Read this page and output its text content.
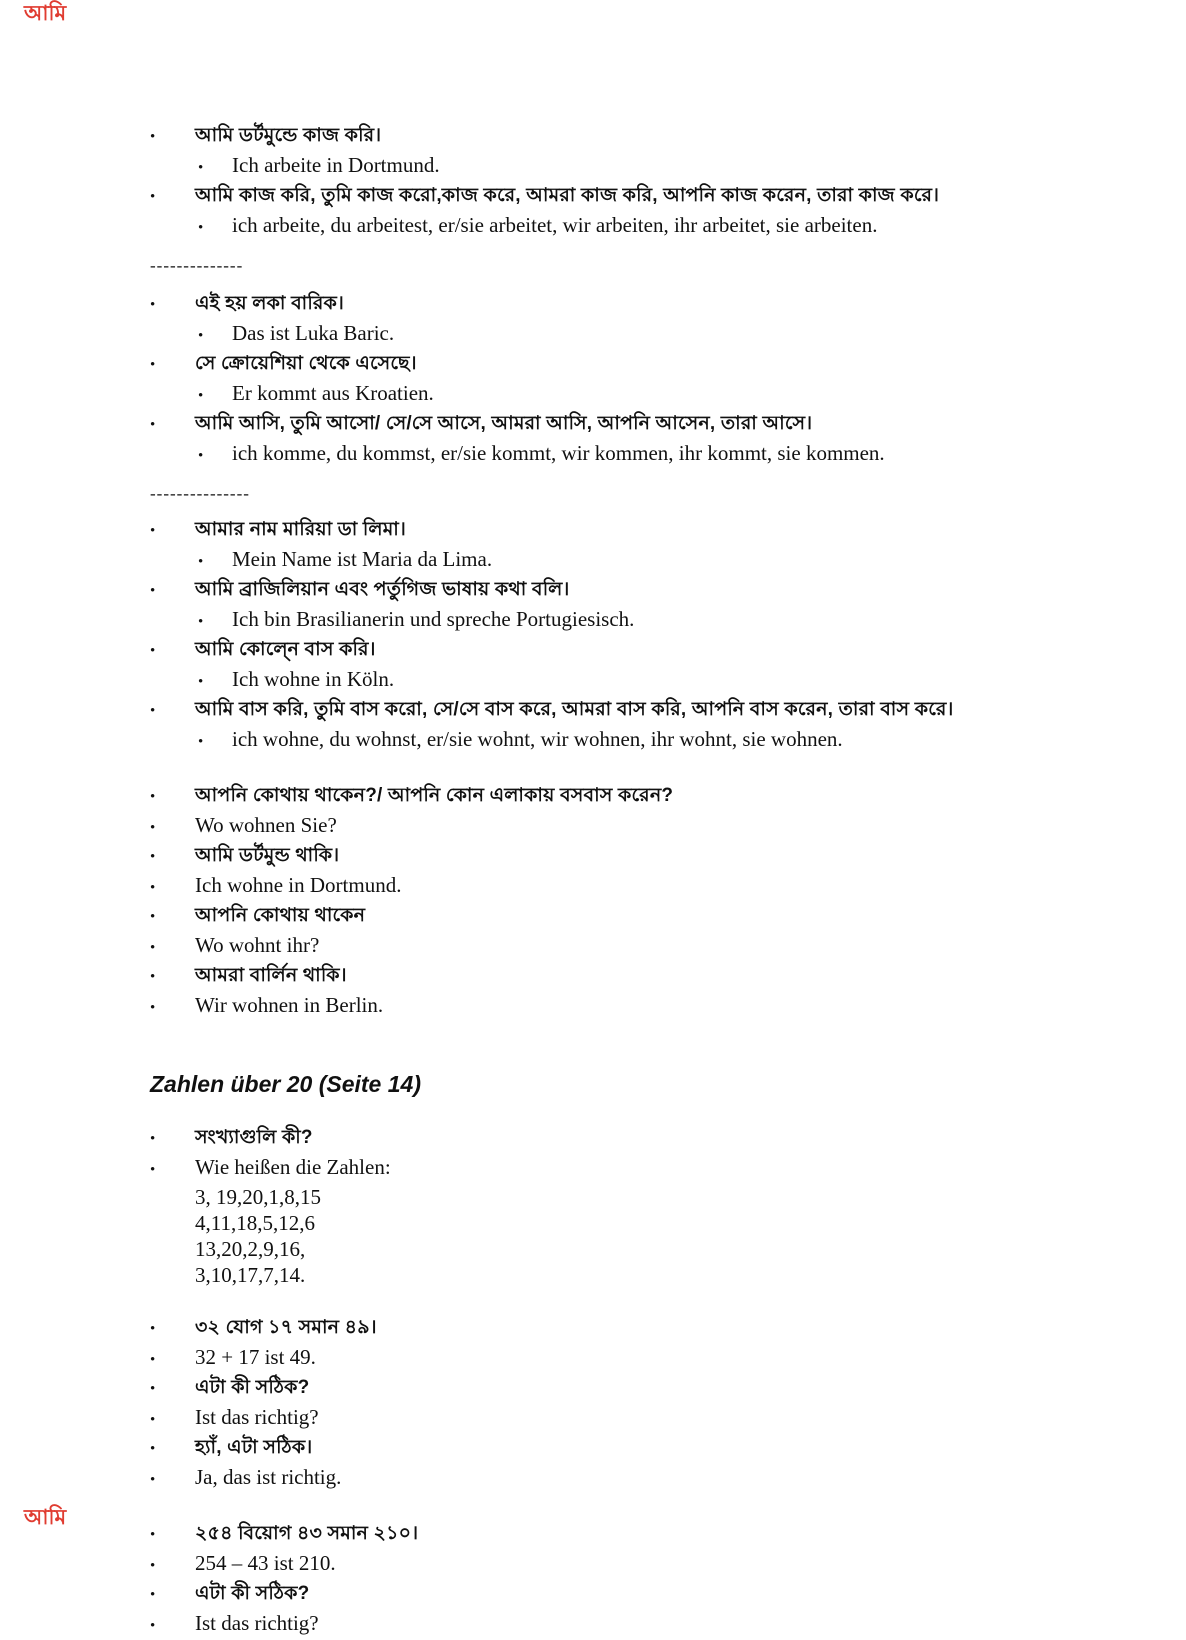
আমি
•	আমি ডর্টমুন্ডে কাজ করি।
•	Ich arbeite in Dortmund.
•	আমি কাজ করি, তুমি কাজ করো,কাজ করে, আমরা কাজ করি, আপনি কাজ করেন, তারা কাজ করে।
•	ich arbeite, du arbeitest, er/sie arbeitet, wir arbeiten, ihr arbeitet, sie arbeiten.
--------------
•	এই হয় লকা বারিক।
•	Das ist Luka Baric.
•	সে ক্রোয়েশিয়া থেকে এসেছে।
•	Er kommt aus Kroatien.
•	আমি আসি, তুমি আসো/ সে/সে আসে, আমরা আসি, আপনি আসেন, তারা আসে।
•	ich komme, du kommst, er/sie kommt, wir kommen, ihr kommt, sie kommen.
---------------
•	আমার নাম মারিয়া ডা লিমা।
•	Mein Name ist Maria da Lima.
•	আমি ব্রাজিলিয়ান এবং পর্তুগিজ ভাষায় কথা বলি।
•	Ich bin Brasilianerin und spreche Portugiesisch.
•	আমি কোল্নে বাস করি।
•	Ich wohne in Köln.
•	আমি বাস করি, তুমি বাস করো, সে/সে বাস করে, আমরা বাস করি, আপনি বাস করেন, তারা বাস করে।
•	ich wohne, du wohnst, er/sie wohnt, wir wohnen, ihr wohnt, sie wohnen.
•	আপনি কোথায় থাকেন?/ আপনি কোন এলাকায় বসবাস করেন?
•	Wo wohnen Sie?
•	আমি ডর্টমুন্ড থাকি।
•	Ich wohne in Dortmund.
•	আপনি কোথায় থাকেন
•	Wo wohnt ihr?
•	আমরা বার্লিন থাকি।
•	Wir wohnen in Berlin.
Zahlen über 20 (Seite 14)
•	সংখ্যাগুলি কী?
•	Wie heißen die Zahlen:
3, 19,20,1,8,15
4,11,18,5,12,6
13,20,2,9,16,
3,10,17,7,14.
•	৩২ যোগ ১৭ সমান ৪৯।
•	32 + 17 ist 49.
•	এটা কী সঠিক?
•	Ist das richtig?
•	হ্যাঁ, এটা সঠিক।
•	Ja, das ist richtig.
•	২৫৪ বিয়োগ ৪৩ সমান ২১০।
•	254 – 43 ist 210.
•	এটা কী সঠিক?
•	Ist das richtig?
আমি
